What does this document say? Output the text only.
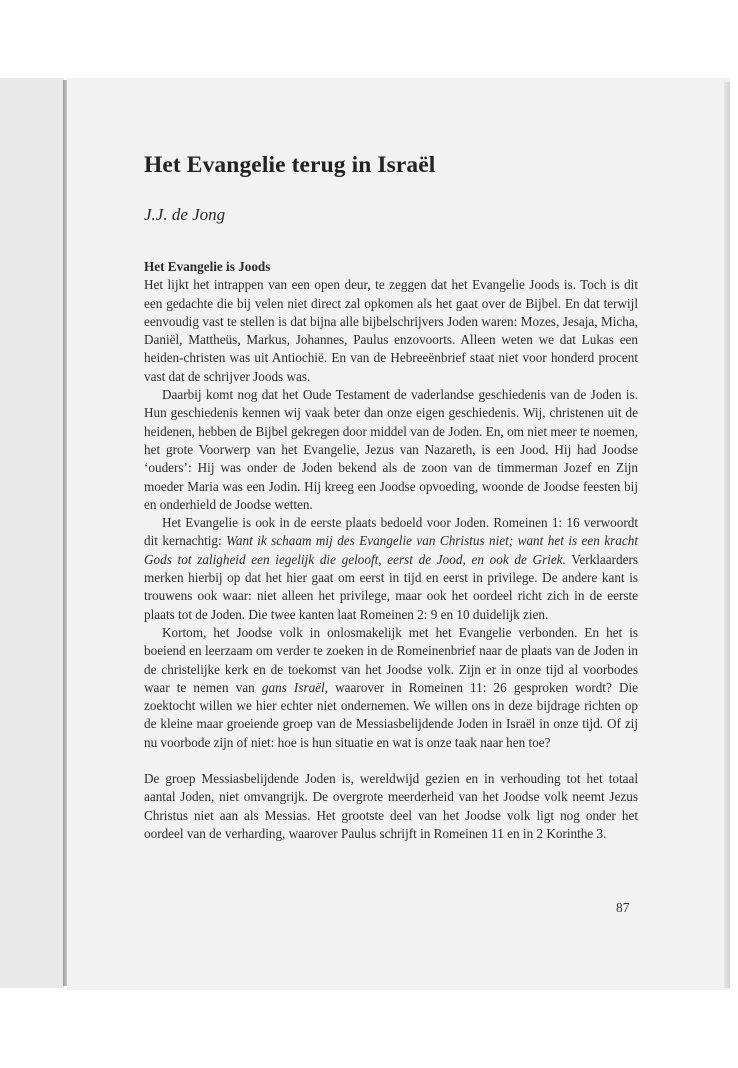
Het Evangelie terug in Israël

J.J. de Jong

Het Evangelie is Joods

Het lijkt het intrappen van een open deur, te zeggen dat het Evangelie Joods is. Toch is dit een gedachte die bij velen niet direct zal opkomen als het gaat over de Bijbel. En dat terwijl eenvoudig vast te stellen is dat bijna alle bijbelschrijvers Joden waren: Mozes, Jesaja, Micha, Daniël, Mattheüs, Markus, Johannes, Paulus enzovoorts. Alleen weten we dat Lukas een heiden-christen was uit Antiochië. En van de Hebreeënbrief staat niet voor honderd procent vast dat de schrijver Joods was.

Daarbij komt nog dat het Oude Testament de vaderlandse geschiedenis van de Joden is. Hun geschiedenis kennen wij vaak beter dan onze eigen geschiedenis. Wij, christenen uit de heidenen, hebben de Bijbel gekregen door middel van de Joden. En, om niet meer te noemen, het grote Voorwerp van het Evangelie, Jezus van Nazareth, is een Jood. Hij had Joodse ‘ouders’: Hij was onder de Joden bekend als de zoon van de timmerman Jozef en Zijn moeder Maria was een Jodin. Hij kreeg een Joodse opvoeding, woonde de Joodse feesten bij en onderhield de Joodse wetten.

Het Evangelie is ook in de eerste plaats bedoeld voor Joden. Romeinen 1: 16 verwoordt dit kernachtig: Want ik schaam mij des Evangelie van Christus niet; want het is een kracht Gods tot zaligheid een iegelijk die gelooft, eerst de Jood, en ook de Griek. Verklaarders merken hierbij op dat het hier gaat om eerst in tijd en eerst in privilege. De andere kant is trouwens ook waar: niet alleen het privilege, maar ook het oordeel richt zich in de eerste plaats tot de Joden. Die twee kanten laat Romeinen 2: 9 en 10 duidelijk zien.

Kortom, het Joodse volk in onlosmakelijk met het Evangelie verbonden. En het is boeiend en leerzaam om verder te zoeken in de Romeinenbrief naar de plaats van de Joden in de christelijke kerk en de toekomst van het Joodse volk. Zijn er in onze tijd al voorbodes waar te nemen van gans Israël, waarover in Romeinen 11: 26 gesproken wordt? Die zoektocht willen we hier echter niet ondernemen. We willen ons in deze bijdrage richten op de kleine maar groeiende groep van de Messiasbelijdende Joden in Israël in onze tijd. Of zij nu voorbode zijn of niet: hoe is hun situatie en wat is onze taak naar hen toe?

De groep Messiasbelijdende Joden is, wereldwijd gezien en in verhouding tot het totaal aantal Joden, niet omvangrijk. De overgrote meerderheid van het Joodse volk neemt Jezus Christus niet aan als Messias. Het grootste deel van het Joodse volk ligt nog onder het oordeel van de verharding, waarover Paulus schrijft in Romeinen 11 en in 2 Korinthe 3.

87
